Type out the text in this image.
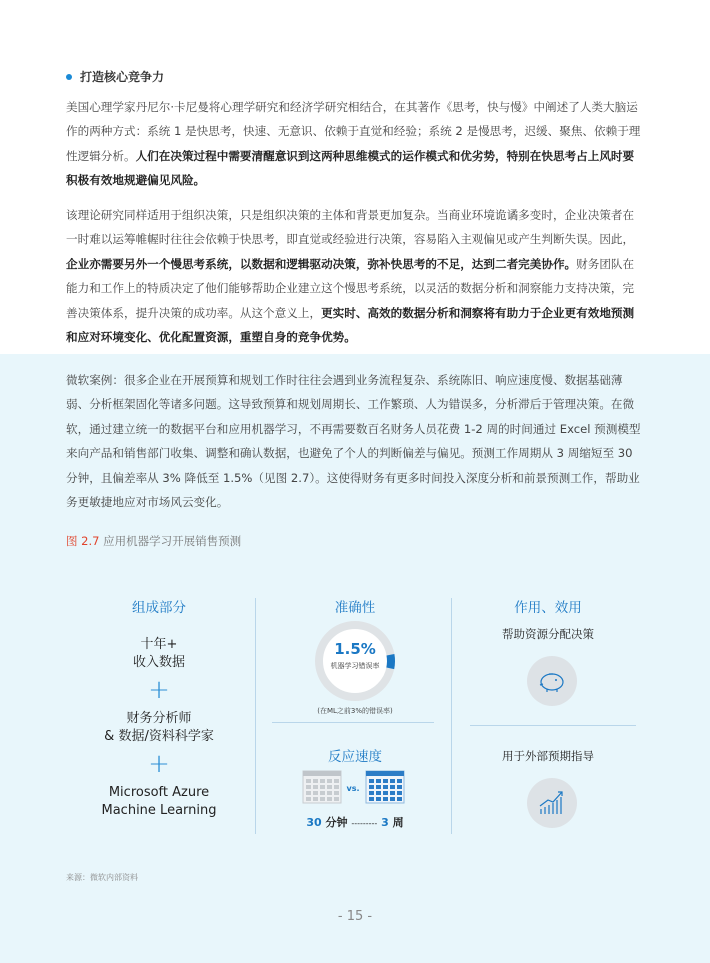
打造核心竞争力
美国心理学家丹尼尔·卡尼曼将心理学研究和经济学研究相结合，在其著作《思考，快与慢》中阐述了人类大脑运作的两种方式：系统 1 是快思考，快速、无意识、依赖于直觉和经验；系统 2 是慢思考，迟缓、聚焦、依赖于理性逻辑分析。人们在决策过程中需要清醒意识到这两种思维模式的运作模式和优劣势，特别在快思考占上风时要积极有效地规避偏见风险。
该理论研究同样适用于组织决策，只是组织决策的主体和背景更加复杂。当商业环境诡谲多变时，企业决策者在一时难以运筹帷幄时往往会依赖于快思考，即直觉或经验进行决策，容易陷入主观偏见或产生判断失误。因此，企业亦需要另外一个慢思考系统，以数据和逻辑驱动决策，弥补快思考的不足，达到二者完美协作。财务团队在能力和工作上的特质决定了他们能够帮助企业建立这个慢思考系统，以灵活的数据分析和洞察能力支持决策，完善决策体系，提升决策的成功率。从这个意义上，更实时、高效的数据分析和洞察将有助力于企业更有效地预测和应对环境变化、优化配置资源，重塑自身的竞争优势。
微软案例：很多企业在开展预算和规划工作时往往会遇到业务流程复杂、系统陈旧、响应速度慢、数据基础薄弱、分析框架固化等诸多问题。这导致预算和规划周期长、工作繁琐、人为错误多，分析滞后于管理决策。在微软，通过建立统一的数据平台和应用机器学习，不再需要数百名财务人员花费 1-2 周的时间通过 Excel 预测模型来向产品和销售部门收集、调整和确认数据，也避免了个人的判断偏差与偏见。预测工作周期从 3 周缩短至 30 分钟，且偏差率从 3% 降低至 1.5%（见图 2.7）。这使得财务有更多时间投入深度分析和前景预测工作，帮助业务更敏捷地应对市场风云变化。
图 2.7 应用机器学习开展销售预测
组成部分
十年+
收入数据
+
财务分析师
& 数据/资料科学家
+
Microsoft Azure
Machine Learning
准确性
1.5%
机器学习错误率
(在ML之前3%的错误率)
反应速度
vs.
30 分钟 --------- 3 周
作用、效用
帮助资源分配决策
用于外部预期指导
来源：微软内部资料
- 15 -
